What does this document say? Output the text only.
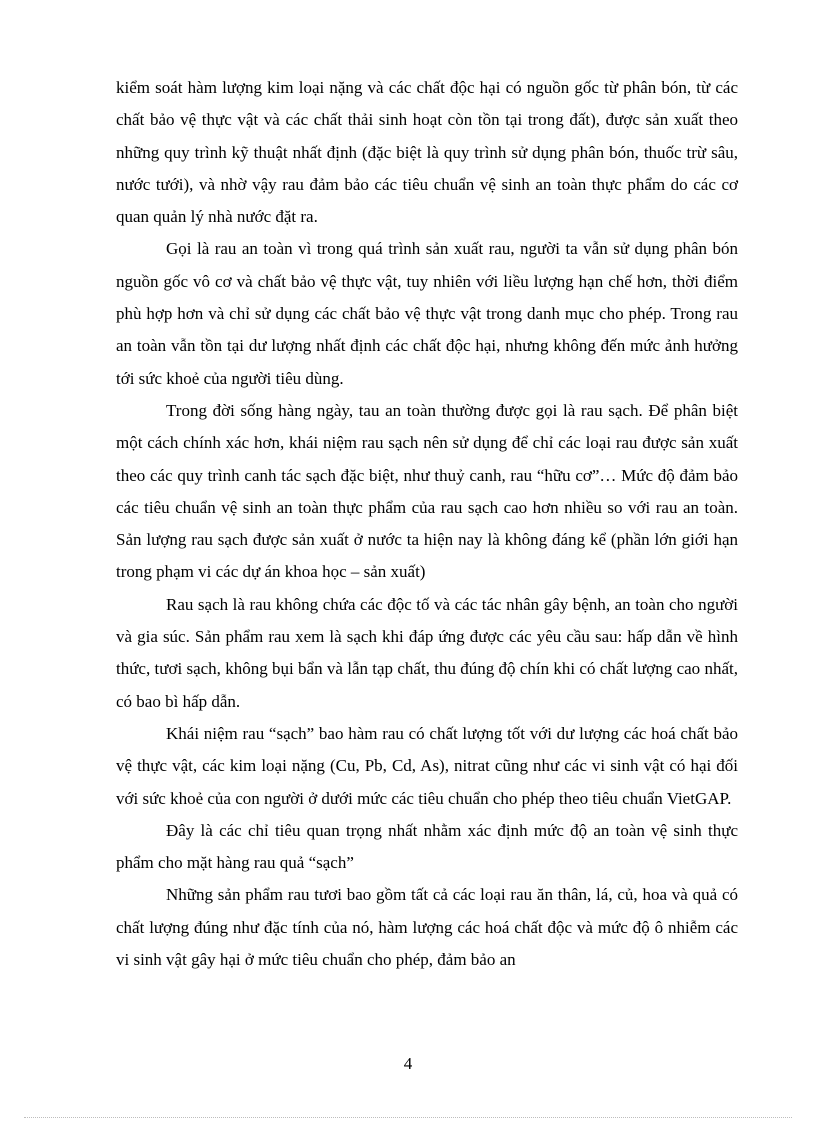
kiểm soát hàm lượng kim loại nặng và các chất độc hại có nguồn gốc từ phân bón, từ các chất bảo vệ thực vật và các chất thải sinh hoạt còn tồn tại trong đất), được sản xuất theo những quy trình kỹ thuật nhất định (đặc biệt là quy trình sử dụng phân bón, thuốc trừ sâu, nước tưới), và nhờ vậy rau đảm bảo các tiêu chuẩn vệ sinh an toàn thực phẩm do các cơ quan quản lý nhà nước đặt ra.

Gọi là rau an toàn vì trong quá trình sản xuất rau, người ta vẫn sử dụng phân bón nguồn gốc vô cơ và chất bảo vệ thực vật, tuy nhiên với liều lượng hạn chế hơn, thời điểm phù hợp hơn và chỉ sử dụng các chất bảo vệ thực vật trong danh mục cho phép. Trong rau an toàn vẫn tồn tại dư lượng nhất định các chất độc hại, nhưng không đến mức ảnh hưởng tới sức khoẻ của người tiêu dùng.

Trong đời sống hàng ngày, tau an toàn thường được gọi là rau sạch. Để phân biệt một cách chính xác hơn, khái niệm rau sạch nên sử dụng để chỉ các loại rau được sản xuất theo các quy trình canh tác sạch đặc biệt, như thuỷ canh, rau “hữu cơ”… Mức độ đảm bảo các tiêu chuẩn vệ sinh an toàn thực phẩm của rau sạch cao hơn nhiều so với rau an toàn. Sản lượng rau sạch được sản xuất ở nước ta hiện nay là không đáng kể (phần lớn giới hạn trong phạm vi các dự án khoa học – sản xuất)

Rau sạch là rau không chứa các độc tố và các tác nhân gây bệnh, an toàn cho người và gia súc. Sản phẩm rau xem là sạch khi đáp ứng được các yêu cầu sau: hấp dẫn về hình thức, tươi sạch, không bụi bẩn và lẫn tạp chất, thu đúng độ chín khi có chất lượng cao nhất, có bao bì hấp dẫn.

Khái niệm rau “sạch” bao hàm rau có chất lượng tốt với dư lượng các hoá chất bảo vệ thực vật, các kim loại nặng (Cu, Pb, Cd, As), nitrat cũng như các vi sinh vật có hại đối với sức khoẻ của con người ở dưới mức các tiêu chuẩn cho phép theo tiêu chuẩn VietGAP.

Đây là các chỉ tiêu quan trọng nhất nhằm xác định mức độ an toàn vệ sinh thực phẩm cho mặt hàng rau quả “sạch”

Những sản phẩm rau tươi bao gồm tất cả các loại rau ăn thân, lá, củ, hoa và quả có chất lượng đúng như đặc tính của nó, hàm lượng các hoá chất độc và mức độ ô nhiễm các vi sinh vật gây hại ở mức tiêu chuẩn cho phép, đảm bảo an

4
